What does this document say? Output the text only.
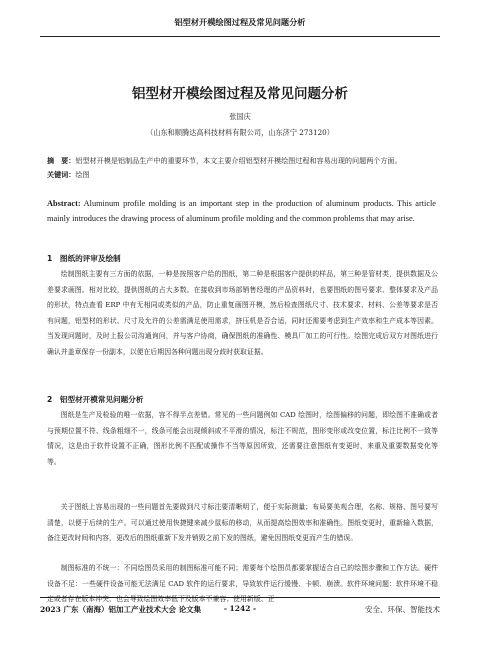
铝型材开模绘图过程及常见问题分析
铝型材开模绘图过程及常见问题分析
张国庆
（山东和顺腾达高科技材料有限公司，山东济宁 273120）
摘　要：铝型材开模是铝制品生产中的重要环节，本文主要介绍铝型材开模绘图过程和容易出现的问题两个方面。
关键词：绘图
Abstract: Aluminum profile molding is an important step in the production of aluminum products. This article mainly introduces the drawing process of aluminum profile molding and the common problems that may arise.
1　图纸的评审及绘制
绘制图纸主要有三方面的依据，一种是按照客户给的图纸，第二种是根据客户提供的样品，第三种是管材类，提供数据及公差要求画图。相对比较，提供图纸的占大多数。在接收到市场部销售经理的产品资料时，也要图纸的图号要求、整体要求及产品的形状，特点查看 ERP 中有无相同或类似的产品，防止重复画图开模，然后检查图纸尺寸、技术要求、材料、公差等要求是否有问题，铝型材的形状、尺寸及允许的公差需满足使用需求，挤压机是否合适，同时还需要考虑到生产效率和生产成本等因素。当发现问题时，及时上报公司沟通询问，并与客户协商，确保图纸的准确性、模具厂加工的可行性。绘图完成后双方对图纸进行确认并盖章保存一份副本，以便在后期因各种问题出现分歧时获取证据。
2　铝型材开模常见问题分析
图纸是生产及检验的唯一依据，容不得半点差错。常见的一些问题例如 CAD 绘图时，绘图偏移的问题，即绘图不准确或者与预期位置不符、线条粗细不一，线条可能会出现倾斜或不平滑的情况，标注不规范，图形变形或改变位置，标注比例不一致等情况，这是由于软件设置不正确，图形比例不匹配或操作不当等原因所致，还需要注意图纸有变更时，来重及重要数据变化等等。
关于图纸上容易出现的一些问题首先要做到尺寸标注要清晰明了，便于实际测量；布局要美观合理，名称、规格、图号要写清楚，以便于后续的生产。可以通过使用快捷键来减少鼠标的移动，从而提高绘图效率和准确性。图纸变更时，重新输入数据，备注更改时间和内容，更改后的图纸重新下发并销毁之前下发的图纸，避免因图纸变更而产生的错误。
制图标准的不统一：不同绘图员采用的制图标准可能不同；需要每个绘图员都要掌握适合自己的绘图步骤和工作方法。硬件设备不足：一些硬件设备可能无法满足 CAD 软件的运行要求，导致软件运行缓慢、卡顿、崩溃。软件环境问题：软件环境不稳定或者存在版本冲突，也会导致绘图效率低下及版本不兼容；使用新版、正
2023 广东（南海）铝加工产业技术大会 论文集	- 1242 -	安全、环保、智能技术
